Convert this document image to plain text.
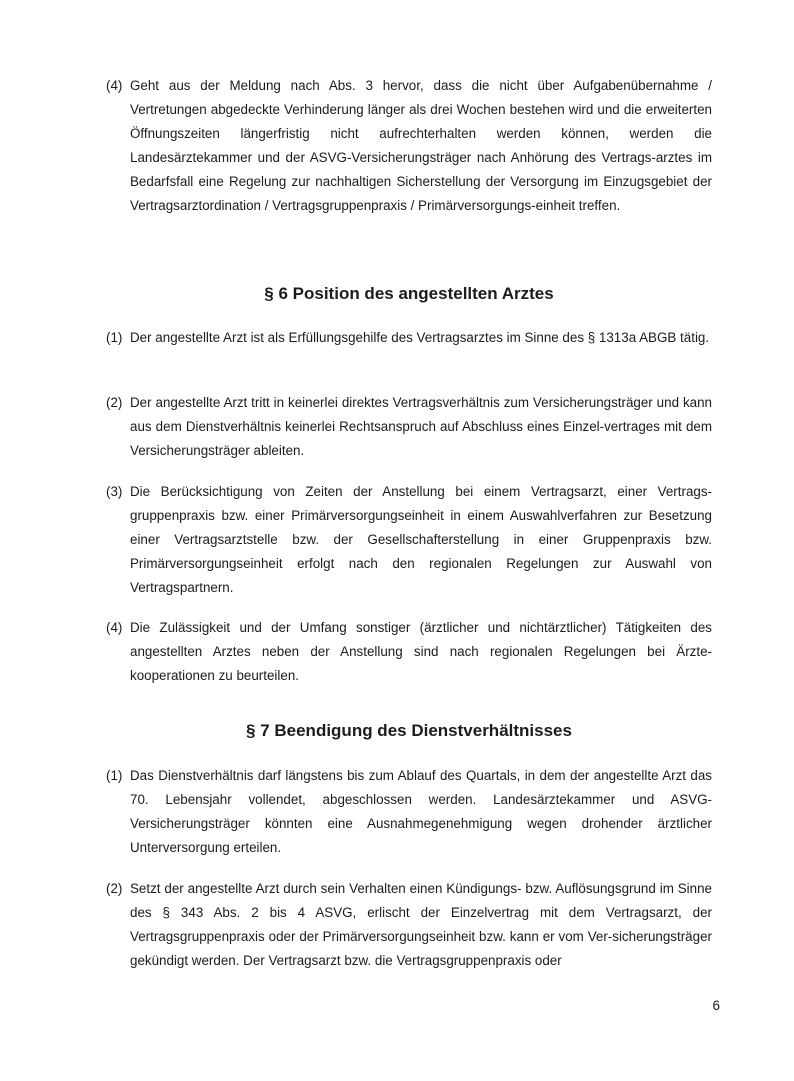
(4) Geht aus der Meldung nach Abs. 3 hervor, dass die nicht über Aufgabenübernahme / Vertretungen abgedeckte Verhinderung länger als drei Wochen bestehen wird und die erweiterten Öffnungszeiten längerfristig nicht aufrechterhalten werden können, werden die Landesärztekammer und der ASVG-Versicherungsträger nach Anhörung des Vertrags-arztes im Bedarfsfall eine Regelung zur nachhaltigen Sicherstellung der Versorgung im Einzugsgebiet der Vertragsarztordination / Vertragsgruppenpraxis / Primärversorgungs-einheit treffen.
§ 6 Position des angestellten Arztes
(1) Der angestellte Arzt ist als Erfüllungsgehilfe des Vertragsarztes im Sinne des § 1313a ABGB tätig.
(2) Der angestellte Arzt tritt in keinerlei direktes Vertragsverhältnis zum Versicherungsträger und kann aus dem Dienstverhältnis keinerlei Rechtsanspruch auf Abschluss eines Einzel-vertrages mit dem Versicherungsträger ableiten.
(3) Die Berücksichtigung von Zeiten der Anstellung bei einem Vertragsarzt, einer Vertrags-gruppenpraxis bzw. einer Primärversorgungseinheit in einem Auswahlverfahren zur Besetzung einer Vertragsarztstelle bzw. der Gesellschafterstellung in einer Gruppenpraxis bzw. Primärversorgungseinheit erfolgt nach den regionalen Regelungen zur Auswahl von Vertragspartnern.
(4) Die Zulässigkeit und der Umfang sonstiger (ärztlicher und nichtärztlicher) Tätigkeiten des angestellten Arztes neben der Anstellung sind nach regionalen Regelungen bei Ärzte-kooperationen zu beurteilen.
§ 7 Beendigung des Dienstverhältnisses
(1) Das Dienstverhältnis darf längstens bis zum Ablauf des Quartals, in dem der angestellte Arzt das 70. Lebensjahr vollendet, abgeschlossen werden. Landesärztekammer und ASVG-Versicherungsträger könnten eine Ausnahmegenehmigung wegen drohender ärztlicher Unterversorgung erteilen.
(2) Setzt der angestellte Arzt durch sein Verhalten einen Kündigungs- bzw. Auflösungsgrund im Sinne des § 343 Abs. 2 bis 4 ASVG, erlischt der Einzelvertrag mit dem Vertragsarzt, der Vertragsgruppenpraxis oder der Primärversorgungseinheit bzw. kann er vom Ver-sicherungsträger gekündigt werden. Der Vertragsarzt bzw. die Vertragsgruppenpraxis oder
6
